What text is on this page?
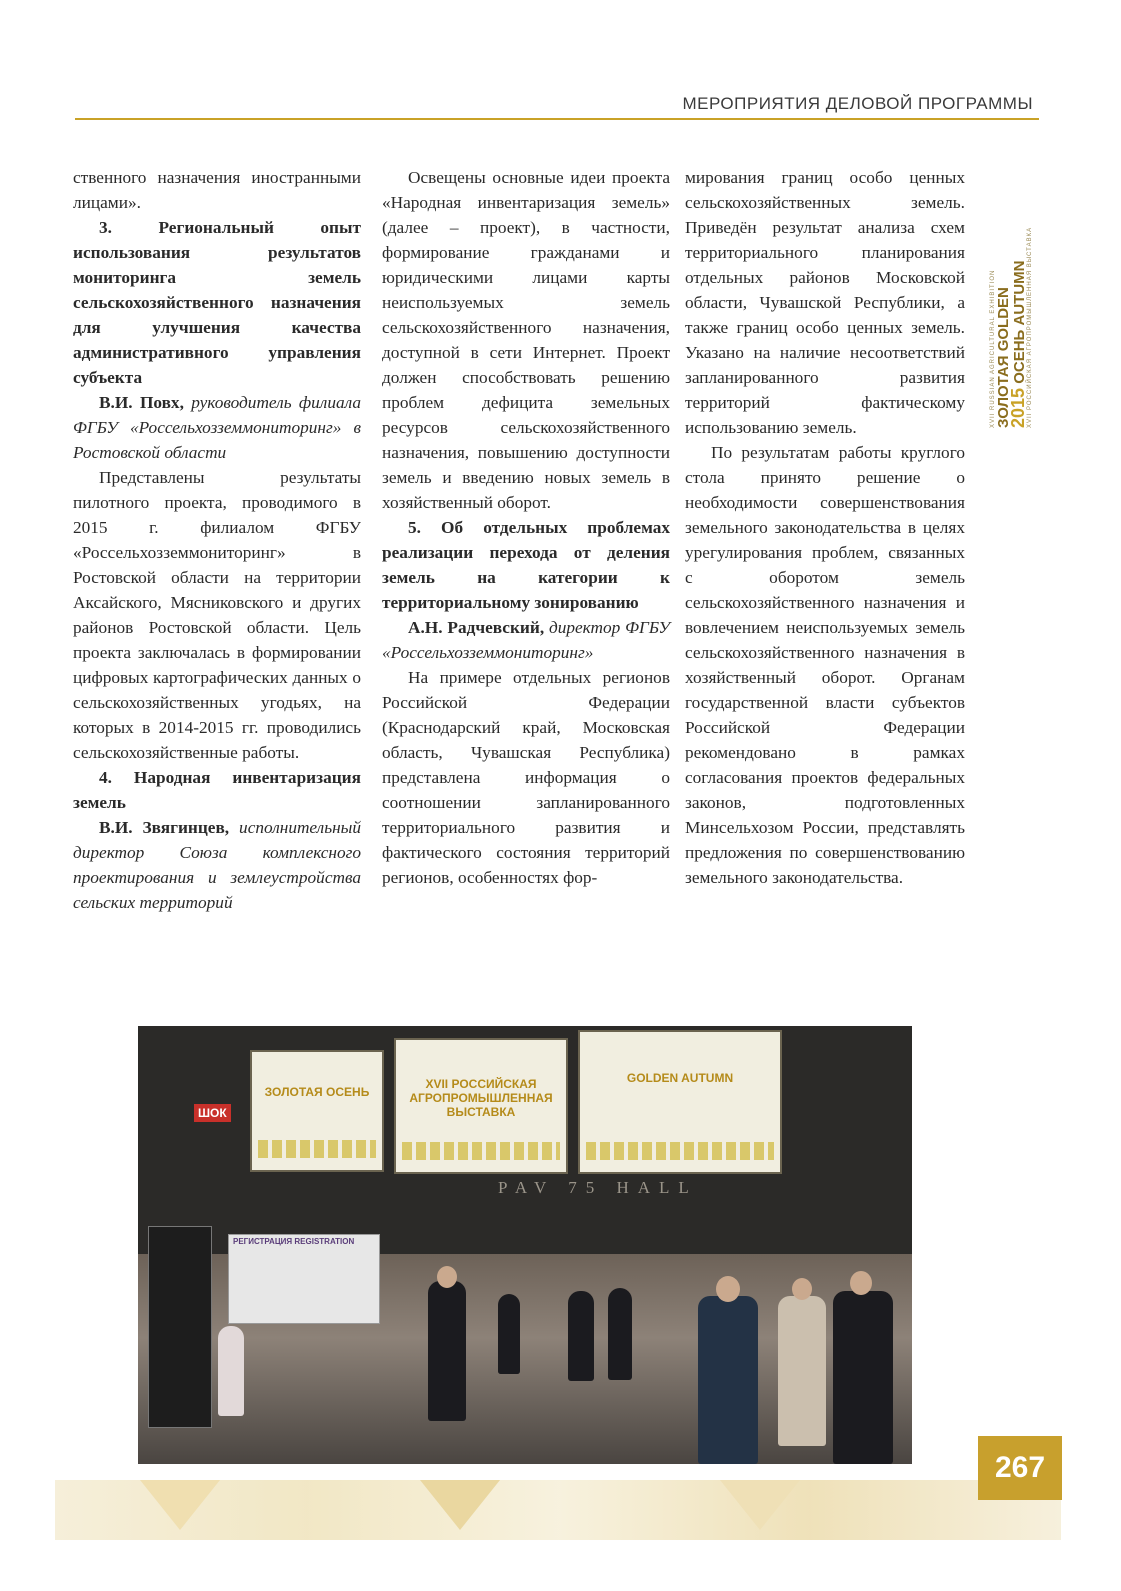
МЕРОПРИЯТИЯ ДЕЛОВОЙ ПРОГРАММЫ
XVII RUSSIAN AGRICULTURAL EXHIBITION ЗОЛОТАЯ GOLDEN
2015 ОСЕНЬ AUTUMN XVII РОССИЙСКАЯ АГРОПРОМЫШЛЕННАЯ ВЫСТАВКА

ственного назначения иностранными лицами».

3. Региональный опыт использования результатов мониторинга земель сельскохозяйственного назначения для улучшения качества административного управления субъекта

В.И. Повх, руководитель филиала ФГБУ «Россельхозземмониторинг» в Ростовской области

Представлены результаты пилотного проекта, проводимого в 2015 г. филиалом ФГБУ «Россельхозземмониторинг» в Ростовской области на территории Аксайского, Мясниковского и других районов Ростовской области. Цель проекта заключалась в формировании цифровых картографических данных о сельскохозяйственных угодьях, на которых в 2014-2015 гг. проводились сельскохозяйственные работы.

4. Народная инвентаризация земель

В.И. Звягинцев, исполнительный директор Союза комплексного проектирования и землеустройства сельских территорий

Освещены основные идеи проекта «Народная инвентаризация земель» (далее – проект), в частности, формирование гражданами и юридическими лицами карты неиспользуемых земель сельскохозяйственного назначения, доступной в сети Интернет. Проект должен способствовать решению проблем дефицита земельных ресурсов сельскохозяйственного назначения, повышению доступности земель и введению новых земель в хозяйственный оборот.

5. Об отдельных проблемах реализации перехода от деления земель на категории к территориальному зонированию

А.Н. Радчевский, директор ФГБУ «Россельхозземмониторинг»

На примере отдельных регионов Российской Федерации (Краснодарский край, Московская область, Чувашская Республика) представлена информация о соотношении запланированного территориального развития и фактического состояния территорий регионов, особенностях фор-

мирования границ особо ценных сельскохозяйственных земель. Приведён результат анализа схем территориального планирования отдельных районов Московской области, Чувашской Республики, а также границ особо ценных земель. Указано на наличие несоответствий запланированного развития территорий фактическому использованию земель.

По результатам работы круглого стола принято решение о необходимости совершенствования земельного законодательства в целях урегулирования проблем, связанных с оборотом земель сельскохозяйственного назначения и вовлечением неиспользуемых земель сельскохозяйственного назначения в хозяйственный оборот. Органам государственной власти субъектов Российской Федерации рекомендовано в рамках согласования проектов федеральных законов, подготовленных Минсельхозом России, представлять предложения по совершенствованию земельного законодательства.

ЗОЛОТАЯ ОСЕНЬ
XVII РОССИЙСКАЯ АГРОПРОМЫШЛЕННАЯ ВЫСТАВКА
GOLDEN AUTUMN
ШОК
PAV 75 HALL
РЕГИСТРАЦИЯ REGISTRATION
267
